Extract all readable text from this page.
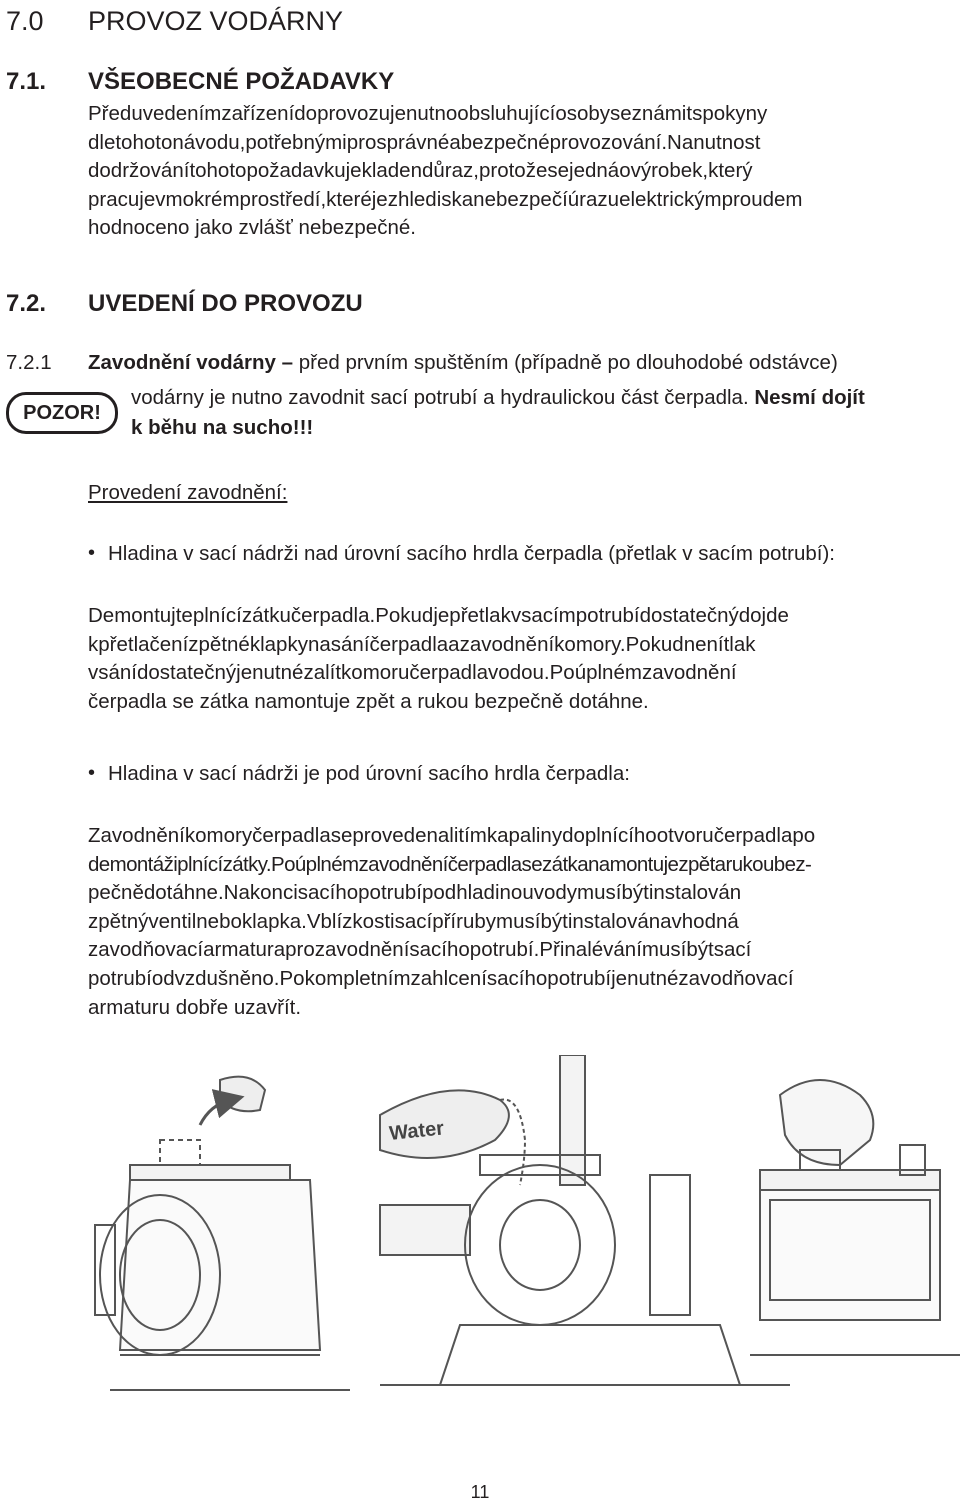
7.0 PROVOZ VODÁRNY
7.1. VŠEOBECNÉ POŽADAVKY
Předuvedenímzařízenídoprovozujenutnoobsluhujícíosobyseznámitspokyny
dletohotonávodu,potřebnýmiprosprávnéabezpečnéprovozování.Nanutnost
dodržovánítohotopožadavkujekladendůraz,protožesejednáovýrobek,který
pracujevmokrémprostředí,kteréjezhlediskanebezpečíúrazuelektrickýmproudem
hodnoceno jako zvlášť nebezpečné.
7.2. UVEDENÍ DO PROVOZU
7.2.1 Zavodnění vodárny – před prvním spuštěním (případně po dlouhodobé odstávce)
vodárny je nutno zavodnit sací potrubí a hydraulickou část čerpadla. Nesmí dojít
k běhu na sucho!!!
POZOR!
Provedení zavodnění:
• Hladina v sací nádrži nad úrovní sacího hrdla čerpadla (přetlak v sacím potrubí):
Demontujteplnícízátkučerpadla.Pokudjepřetlakvsacímpotrubídostatečnýdojde
kpřetlačenízpětnéklapkynasáníčerpadlaazavodněníkomory.Pokudnenítlak
vsánídostatečnýjenutnézalítkomoručerpadlavodou.Poúplnémzavodnění
čerpadla se zátka namontuje zpět a rukou bezpečně dotáhne.
• Hladina v sací nádrži je pod úrovní sacího hrdla čerpadla:
Zavodněníkomoryčerpadlaseprovedenalitímkapalinydoplnícíhootvoručerpadlapo
demontážiplnícízátky.Poúplnémzavodněníčerpadlasezátkanamontujezpětarukoubez-
pečnědotáhne.Nakoncisacíhopotrubípodhladinouvodymusíbýtinstalován
zpětnýventilneboklapka.Vblízkostisacípřírubymusíbýtinstalovánavhodná
zavodňovacíarmaturaprozavodněnísacíhopotrubí.Přinalévánímusíbýtsací
potrubíodvzdušněno.Pokompletnímzahlcenísacíhopotrubíjenutnézavodňovací
armaturu dobře uzavřít.
Water
11
